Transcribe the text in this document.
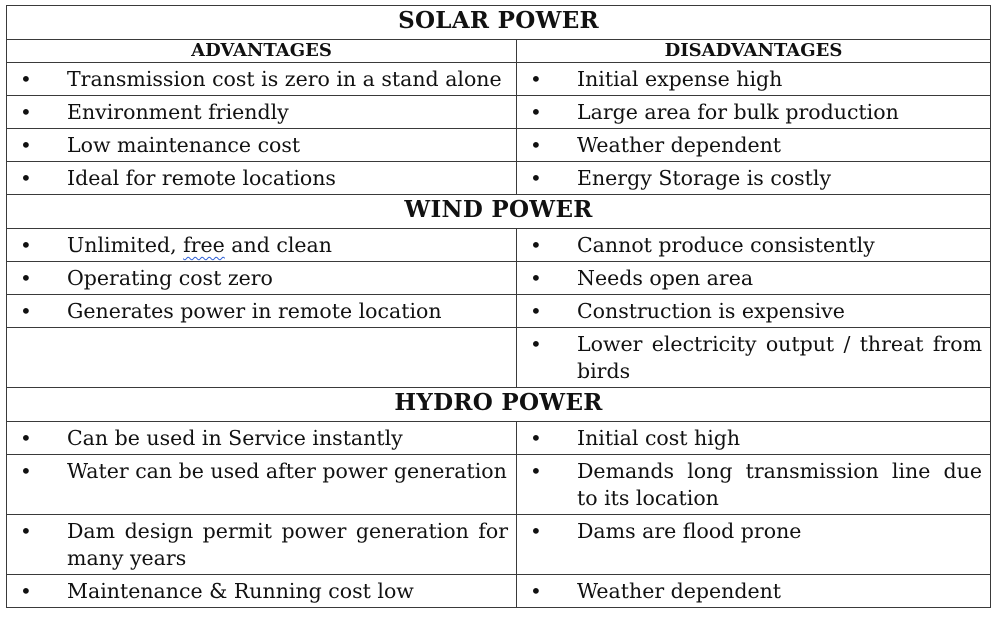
SOLAR POWER	
ADVANTAGES	DISADVANTAGES

• Transmission cost is zero in a stand alone	• Initial expense high

• Environment friendly	• Large area for bulk production

• Low maintenance cost	• Weather dependent

• Ideal for remote locations	• Energy Storage is costly

WIND POWER	

• Unlimited, free and clean	• Cannot produce consistently

• Operating cost zero	• Needs open area

• Generates power in remote location	• Construction is expensive

	• Lower electricity output / threat from birds

HYDRO POWER	

• Can be used in Service instantly	• Initial cost high

• Water can be used after power generation	• Demands long transmission line due to its location

• Dam design permit power generation for many years	• Dams are flood prone

• Maintenance & Running cost low	• Weather dependent
